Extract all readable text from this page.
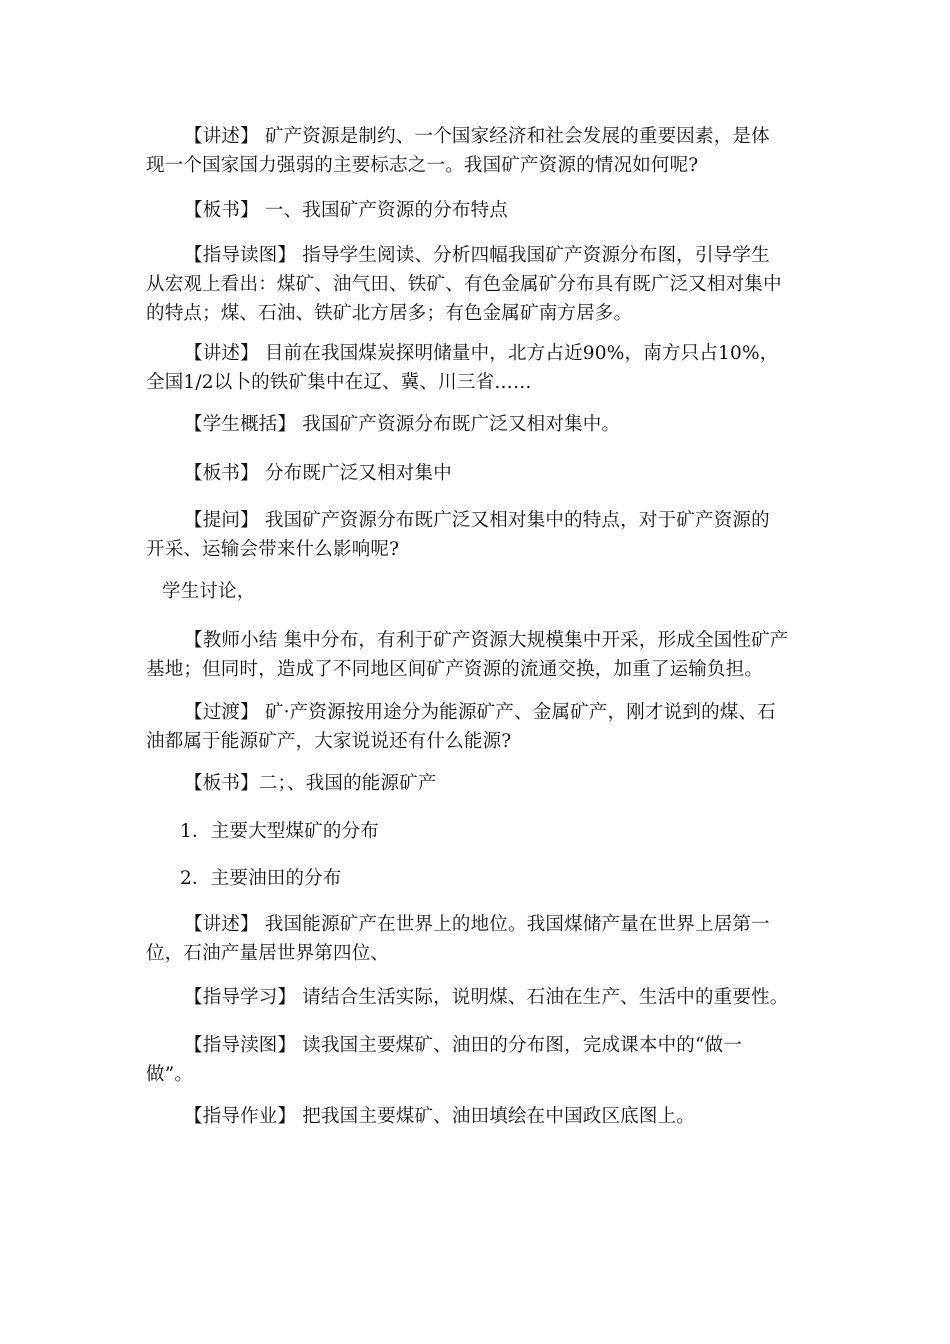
【讲述】 矿产资源是制约、一个国家经济和社会发展的重要因素，是体
现一个国家国力强弱的主要标志之一。我国矿产资源的情况如何呢?

【板书】 一、我国矿产资源的分布特点

【指导读图】 指导学生阅读、分析四幅我国矿产资源分布图，引导学生
从宏观上看出：煤矿、油气田、铁矿、有色金属矿分布具有既广泛又相对集中
的特点；煤、石油、铁矿北方居多；有色金属矿南方居多。

【讲述】 目前在我国煤炭探明储量中，北方占近90%，南方只占10%，
全国1/2以卜的铁矿集中在辽、冀、川三省……

【学生概括】 我国矿产资源分布既广泛又相对集中。

【板书】 分布既广泛又相对集中

【提问】 我国矿产资源分布既广泛又相对集中的特点，对于矿产资源的
开采、运输会带来什么影响呢?

学生讨论，

【教师小结 集中分布，有利于矿产资源大规模集中开采，形成全国性矿产
基地；但同时，造成了不同地区间矿产资源的流通交换，加重了运输负担。

【过渡】 矿·产资源按用途分为能源矿产、金属矿产，刚才说到的煤、石
油都属于能源矿产，大家说说还有什么能源?

【板书】二；、我国的能源矿产

1．主要大型煤矿的分布

2．主要油田的分布

【讲述】 我国能源矿产在世界上的地位。我国煤储产量在世界上居第一
位，石油产量居世界第四位、

【指导学习】 请结合生活实际，说明煤、石油在生产、生活中的重要性。

【指导渎图】 读我国主要煤矿、油田的分布图，完成课本中的“做一
做”。

【指导作业】 把我国主要煤矿、油田填绘在中国政区底图上。
